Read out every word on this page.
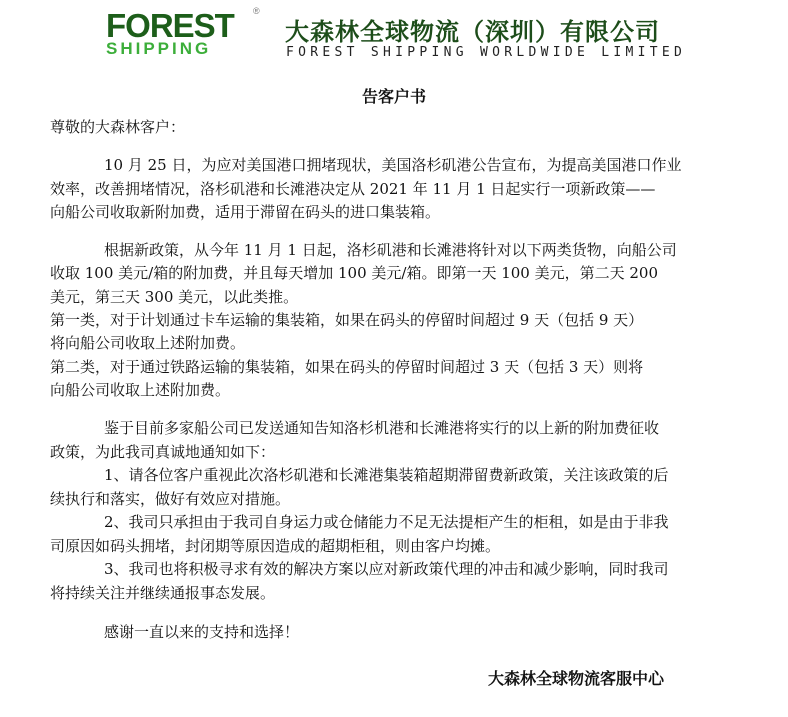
FOREST
SHIPPING
®
大森林全球物流（深圳）有限公司
FOREST SHIPPING WORLDWIDE LIMITED
告客户书
尊敬的大森林客户：
10 月 25 日，为应对美国港口拥堵现状，美国洛杉矶港公告宣布，为提高美国港口作业
效率，改善拥堵情况，洛杉矶港和长滩港决定从 2021 年 11 月 1 日起实行一项新政策——
向船公司收取新附加费，适用于滞留在码头的进口集装箱。
根据新政策，从今年 11 月 1 日起，洛杉矶港和长滩港将针对以下两类货物，向船公司
收取 100 美元/箱的附加费，并且每天增加 100 美元/箱。即第一天 100 美元，第二天 200
美元，第三天 300 美元，以此类推。
第一类，对于计划通过卡车运输的集装箱，如果在码头的停留时间超过 9 天（包括 9 天）
将向船公司收取上述附加费。
第二类，对于通过铁路运输的集装箱，如果在码头的停留时间超过 3 天（包括 3 天）则将
向船公司收取上述附加费。
鉴于目前多家船公司已发送通知告知洛杉机港和长滩港将实行的以上新的附加费征收
政策，为此我司真诚地通知如下：
1、请各位客户重视此次洛杉矶港和长滩港集装箱超期滞留费新政策，关注该政策的后
续执行和落实，做好有效应对措施。
2、我司只承担由于我司自身运力或仓储能力不足无法提柜产生的柜租，如是由于非我
司原因如码头拥堵，封闭期等原因造成的超期柜租，则由客户均摊。
3、我司也将积极寻求有效的解决方案以应对新政策代理的冲击和减少影响，同时我司
将持续关注并继续通报事态发展。
感谢一直以来的支持和选择！
大森林全球物流客服中心
